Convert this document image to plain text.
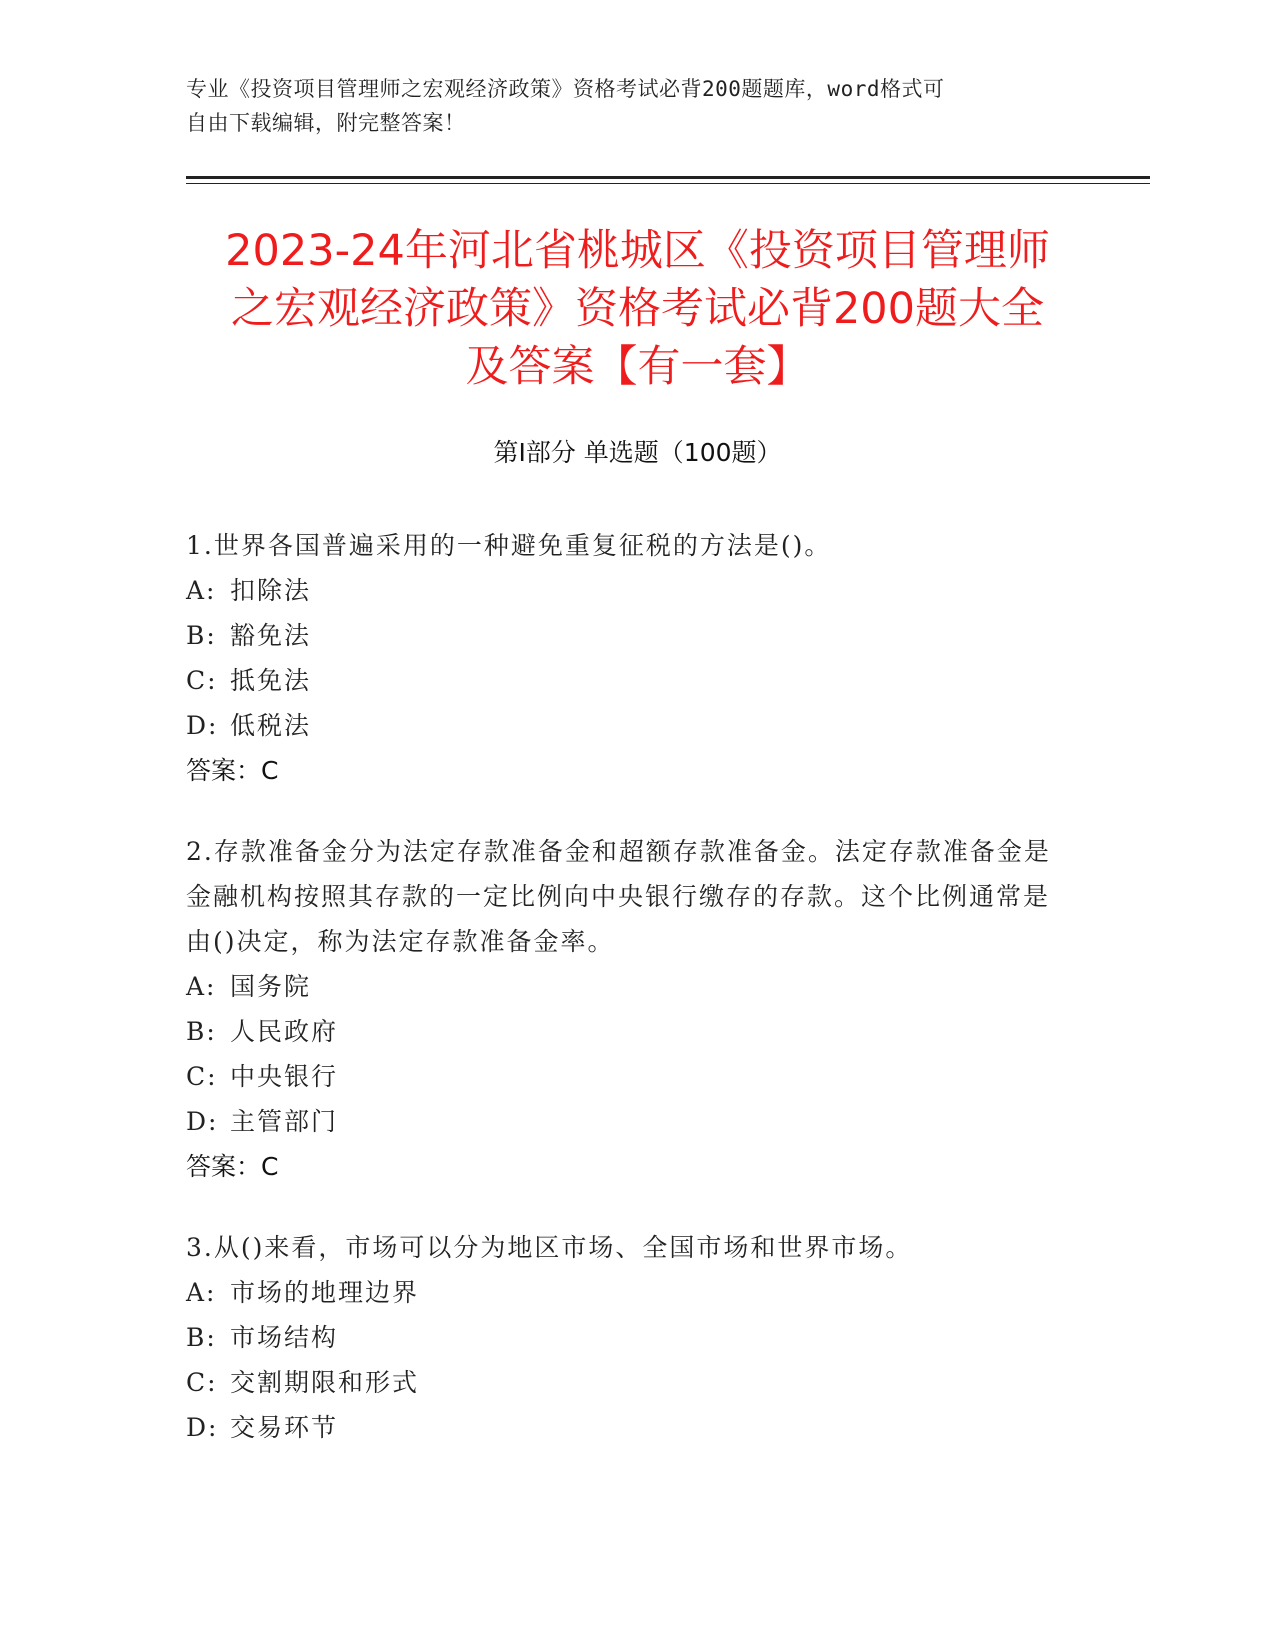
专业《投资项目管理师之宏观经济政策》资格考试必背200题题库，word格式可
自由下载编辑，附完整答案！
2023-24年河北省桃城区《投资项目管理师
之宏观经济政策》资格考试必背200题大全
及答案【有一套】
第Ⅰ部分 单选题（100题）

1.世界各国普遍采用的一种避免重复征税的方法是()。

A: 扣除法

B: 豁免法

C: 抵免法

D: 低税法

答案：C

2.存款准备金分为法定存款准备金和超额存款准备金。法定存款准备金是金融机构按照其存款的一定比例向中央银行缴存的存款。这个比例通常是由()决定，称为法定存款准备金率。

A: 国务院

B: 人民政府

C: 中央银行

D: 主管部门

答案：C

3.从()来看，市场可以分为地区市场、全国市场和世界市场。

A: 市场的地理边界

B: 市场结构

C: 交割期限和形式

D: 交易环节
